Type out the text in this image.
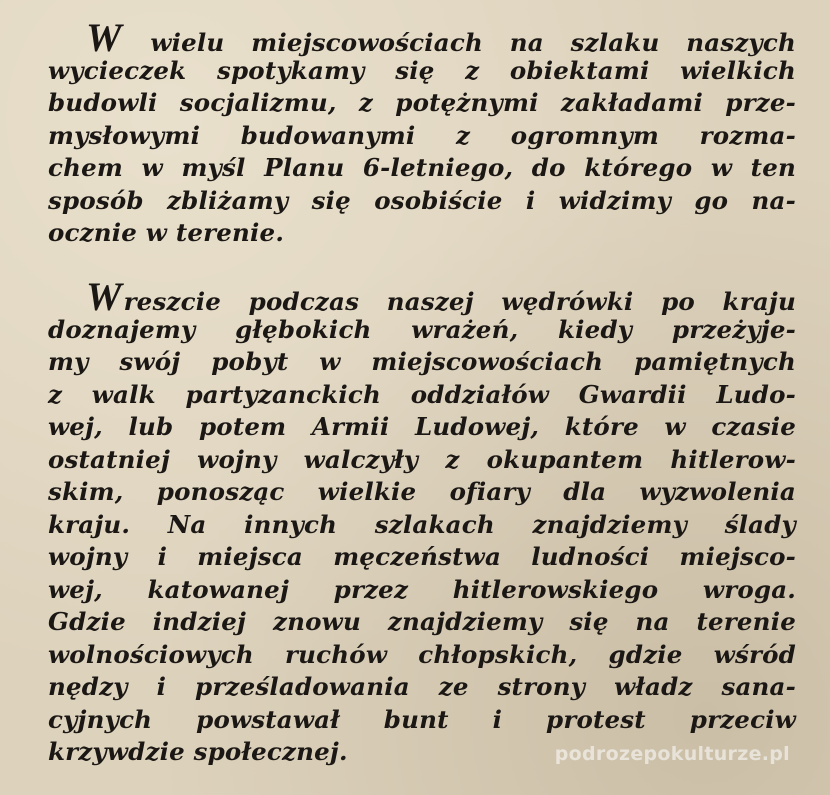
W wielu miejscowościach na szlaku naszych
wycieczek spotykamy się z obiektami wielkich
budowli socjalizmu, z potężnymi zakładami prze-
mysłowymi budowanymi z ogromnym rozma-
chem w myśl Planu 6-letniego, do którego w ten
sposób zbliżamy się osobiście i widzimy go na-
ocznie w terenie.
Wreszcie podczas naszej wędrówki po kraju
doznajemy głębokich wrażeń, kiedy przeżyje-
my swój pobyt w miejscowościach pamiętnych
z walk partyzanckich oddziałów Gwardii Ludo-
wej, lub potem Armii Ludowej, które w czasie
ostatniej wojny walczyły z okupantem hitlerow-
skim, ponosząc wielkie ofiary dla wyzwolenia
kraju. Na innych szlakach znajdziemy ślady
wojny i miejsca męczeństwa ludności miejsco-
wej, katowanej przez hitlerowskiego wroga.
Gdzie indziej znowu znajdziemy się na terenie
wolnościowych ruchów chłopskich, gdzie wśród
nędzy i prześladowania ze strony władz sana-
cyjnych powstawał bunt i protest przeciw
krzywdzie społecznej.	podrozepokulturze.pl
